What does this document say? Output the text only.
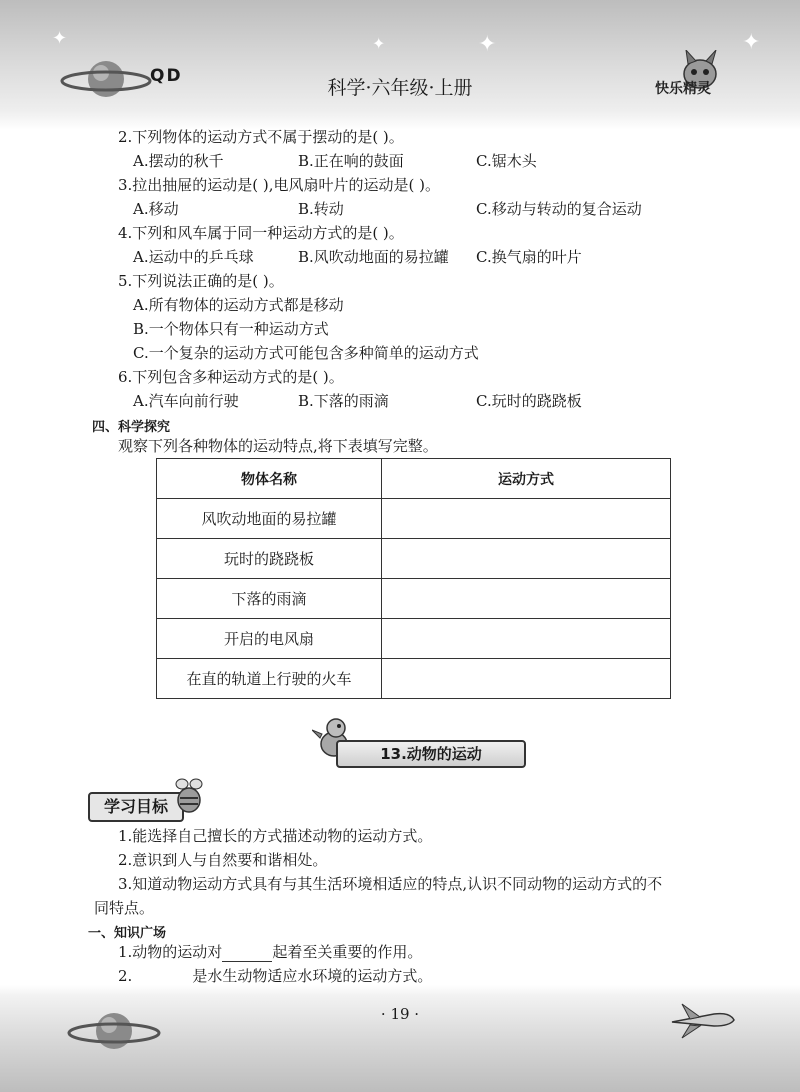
✦	✦	✦	✦
QD
科学·六年级·上册	快乐精灵
2.下列物体的运动方式不属于摆动的是( )。
A.摆动的秋千	B.正在响的鼓面	C.锯木头
3.拉出抽屉的运动是( ),电风扇叶片的运动是( )。
A.移动	B.转动	C.移动与转动的复合运动
4.下列和风车属于同一种运动方式的是( )。
A.运动中的乒乓球	B.风吹动地面的易拉罐 C.换气扇的叶片
5.下列说法正确的是( )。
A.所有物体的运动方式都是移动
B.一个物体只有一种运动方式
C.一个复杂的运动方式可能包含多种简单的运动方式
6.下列包含多种运动方式的是( )。
A.汽车向前行驶	B.下落的雨滴	C.玩时的跷跷板
四、科学探究
观察下列各种物体的运动特点,将下表填写完整。
物体名称	运动方式
风吹动地面的易拉罐	
玩时的跷跷板	
下落的雨滴	
开启的电风扇	
在直的轨道上行驶的火车	
13.动物的运动
学习目标
1.能选择自己擅长的方式描述动物的运动方式。
2.意识到人与自然要和谐相处。
3.知道动物运动方式具有与其生活环境相适应的特点,认识不同动物的运动方式的不
同特点。
一、知识广场
1.动物的运动对	起着至关重要的作用。
2.	是水生动物适应水环境的运动方式。
· 19 ·
